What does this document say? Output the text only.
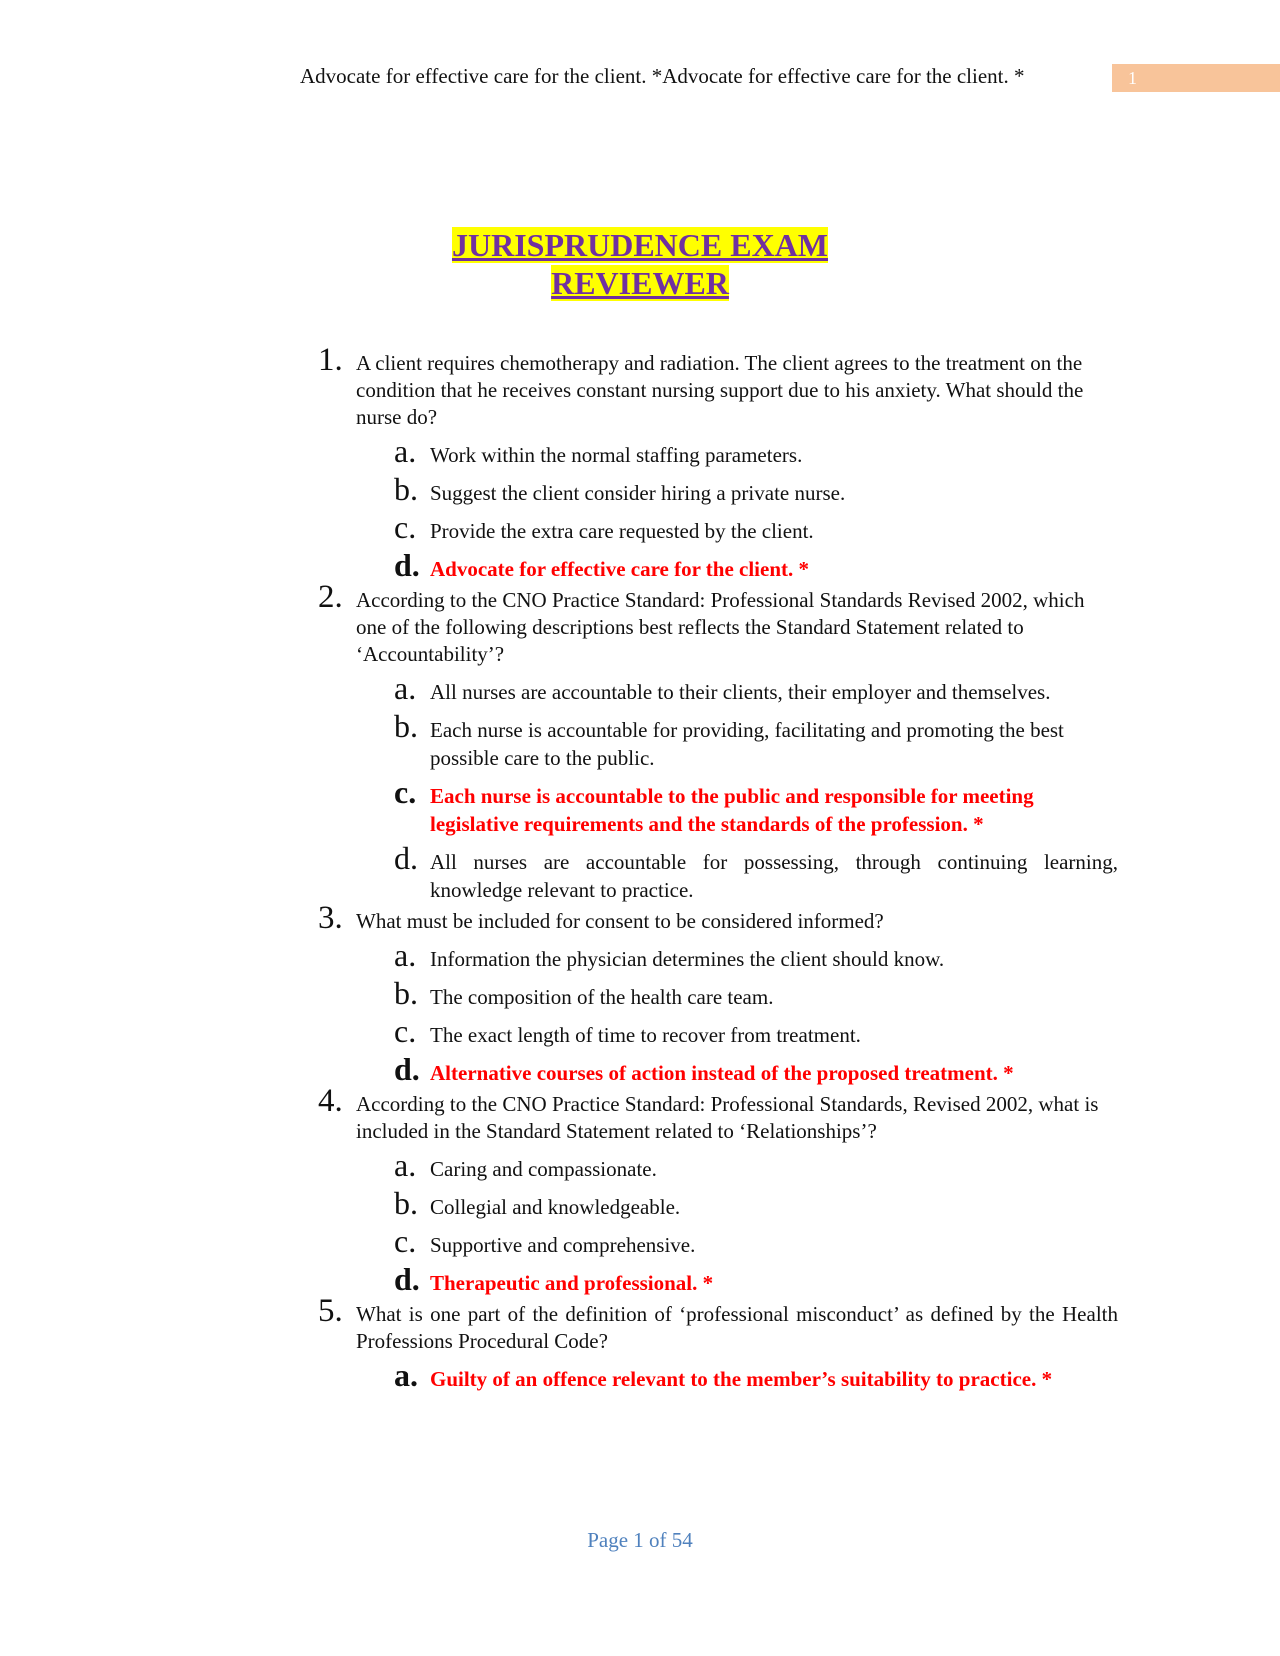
Advocate for effective care for the client. *Advocate for effective care for the client. *	1
JURISPRUDENCE EXAM
REVIEWER
1. A client requires chemotherapy and radiation. The client agrees to the treatment on the condition that he receives constant nursing support due to his anxiety. What should the nurse do?
a. Work within the normal staffing parameters.
b. Suggest the client consider hiring a private nurse.
c. Provide the extra care requested by the client.
d. Advocate for effective care for the client. *
2. According to the CNO Practice Standard: Professional Standards Revised 2002, which one of the following descriptions best reflects the Standard Statement related to ‘Accountability’?
a. All nurses are accountable to their clients, their employer and themselves.
b. Each nurse is accountable for providing, facilitating and promoting the best possible care to the public.
c. Each nurse is accountable to the public and responsible for meeting legislative requirements and the standards of the profession. *
d. All nurses are accountable for possessing, through continuing learning, knowledge relevant to practice.
3. What must be included for consent to be considered informed?
a. Information the physician determines the client should know.
b. The composition of the health care team.
c. The exact length of time to recover from treatment.
d. Alternative courses of action instead of the proposed treatment. *
4. According to the CNO Practice Standard: Professional Standards, Revised 2002, what is included in the Standard Statement related to ‘Relationships’?
a. Caring and compassionate.
b. Collegial and knowledgeable.
c. Supportive and comprehensive.
d. Therapeutic and professional. *
5. What is one part of the definition of ‘professional misconduct’ as defined by the Health Professions Procedural Code?
a. Guilty of an offence relevant to the member’s suitability to practice. *
Page 1 of 54
